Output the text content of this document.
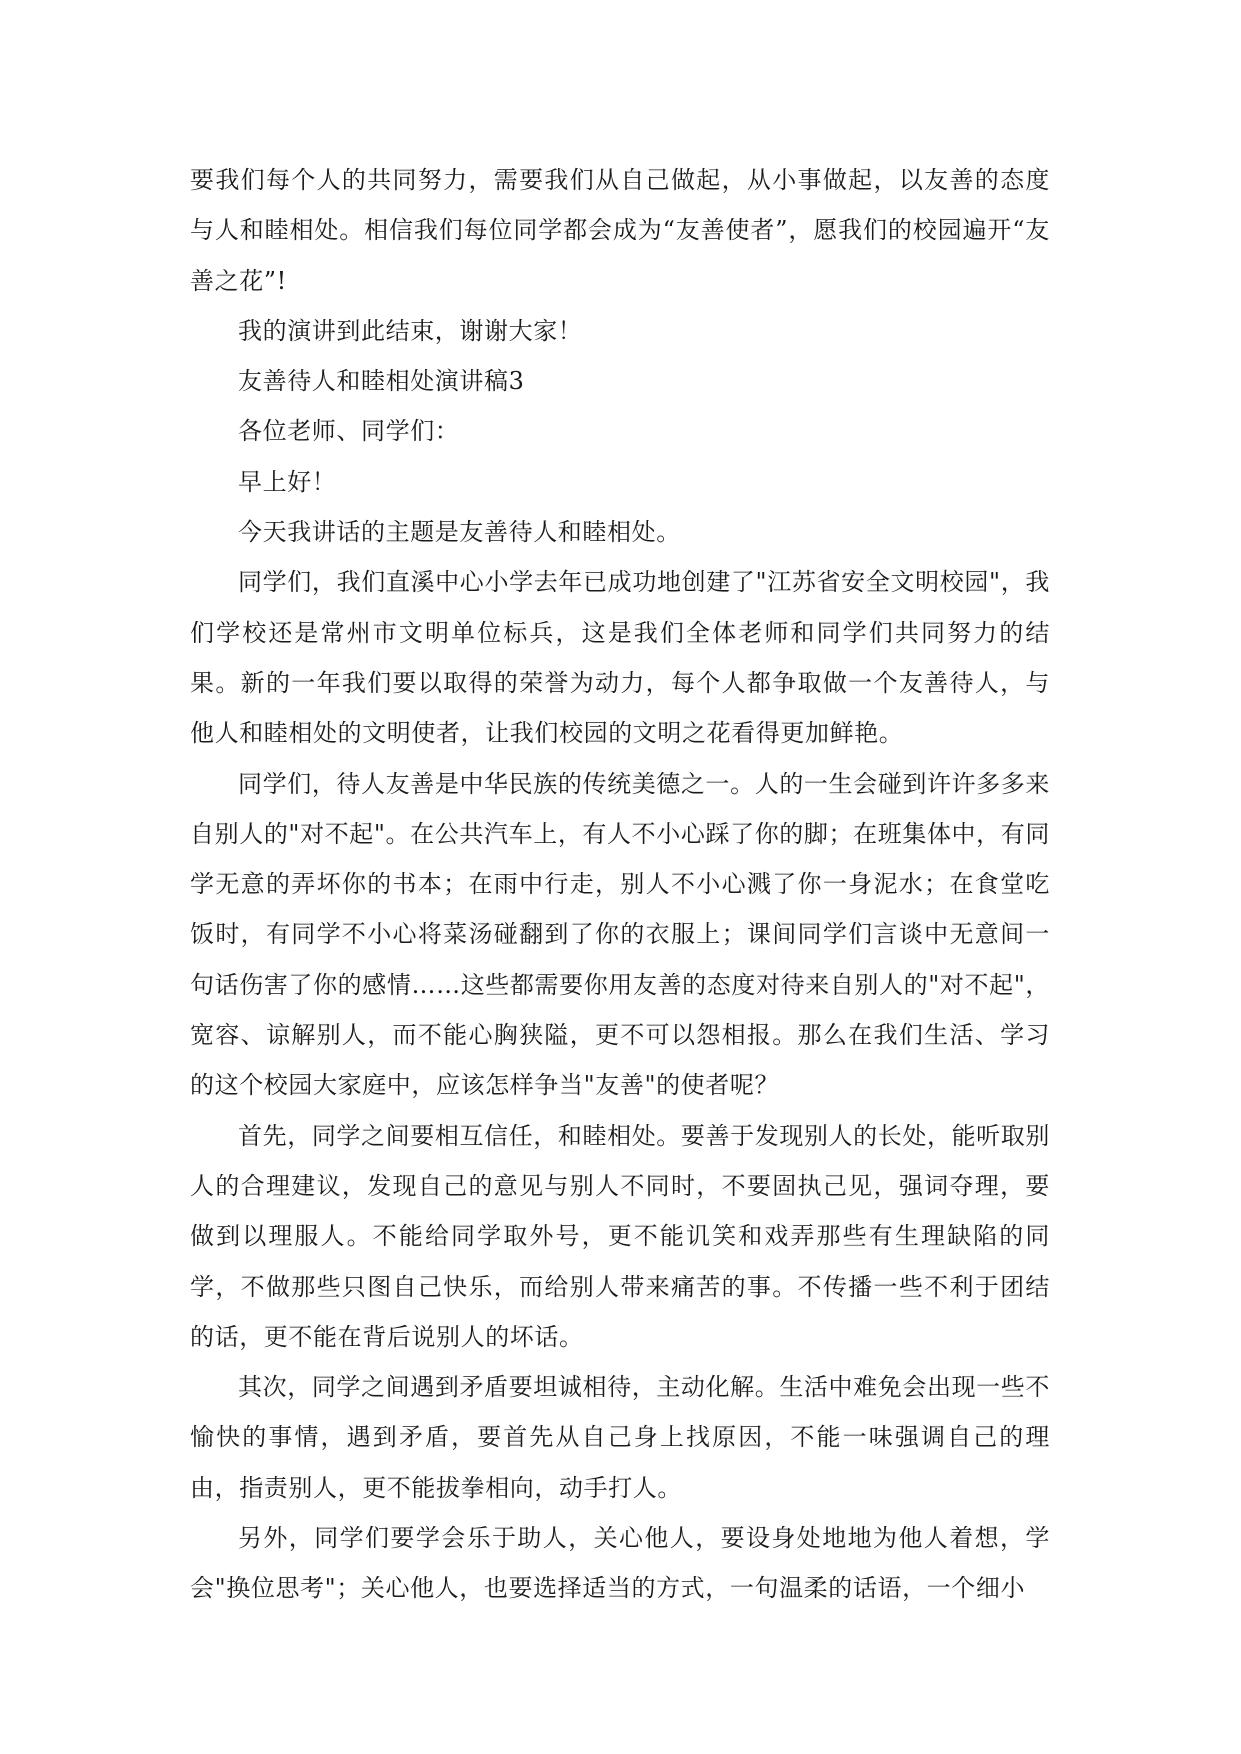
要我们每个人的共同努力，需要我们从自己做起，从小事做起，以友善的态度与人和睦相处。相信我们每位同学都会成为“友善使者”，愿我们的校园遍开“友善之花”!

我的演讲到此结束，谢谢大家！

友善待人和睦相处演讲稿3

各位老师、同学们：

早上好！

今天我讲话的主题是友善待人和睦相处。

同学们，我们直溪中心小学去年已成功地创建了"江苏省安全文明校园"，我们学校还是常州市文明单位标兵，这是我们全体老师和同学们共同努力的结果。新的一年我们要以取得的荣誉为动力，每个人都争取做一个友善待人，与他人和睦相处的文明使者，让我们校园的文明之花看得更加鲜艳。

同学们，待人友善是中华民族的传统美德之一。人的一生会碰到许许多多来自别人的"对不起"。在公共汽车上，有人不小心踩了你的脚；在班集体中，有同学无意的弄坏你的书本；在雨中行走，别人不小心溅了你一身泥水；在食堂吃饭时，有同学不小心将菜汤碰翻到了你的衣服上；课间同学们言谈中无意间一句话伤害了你的感情……这些都需要你用友善的态度对待来自别人的"对不起"，宽容、谅解别人，而不能心胸狭隘，更不可以怨相报。那么在我们生活、学习的这个校园大家庭中，应该怎样争当"友善"的使者呢？

首先，同学之间要相互信任，和睦相处。要善于发现别人的长处，能听取别人的合理建议，发现自己的意见与别人不同时，不要固执己见，强词夺理，要做到以理服人。不能给同学取外号，更不能讥笑和戏弄那些有生理缺陷的同学，不做那些只图自己快乐，而给别人带来痛苦的事。不传播一些不利于团结的话，更不能在背后说别人的坏话。

其次，同学之间遇到矛盾要坦诚相待，主动化解。生活中难免会出现一些不愉快的事情，遇到矛盾，要首先从自己身上找原因，不能一味强调自己的理由，指责别人，更不能拔拳相向，动手打人。

另外，同学们要学会乐于助人，关心他人，要设身处地地为他人着想，学会"换位思考"；关心他人，也要选择适当的方式，一句温柔的话语，一个细小
